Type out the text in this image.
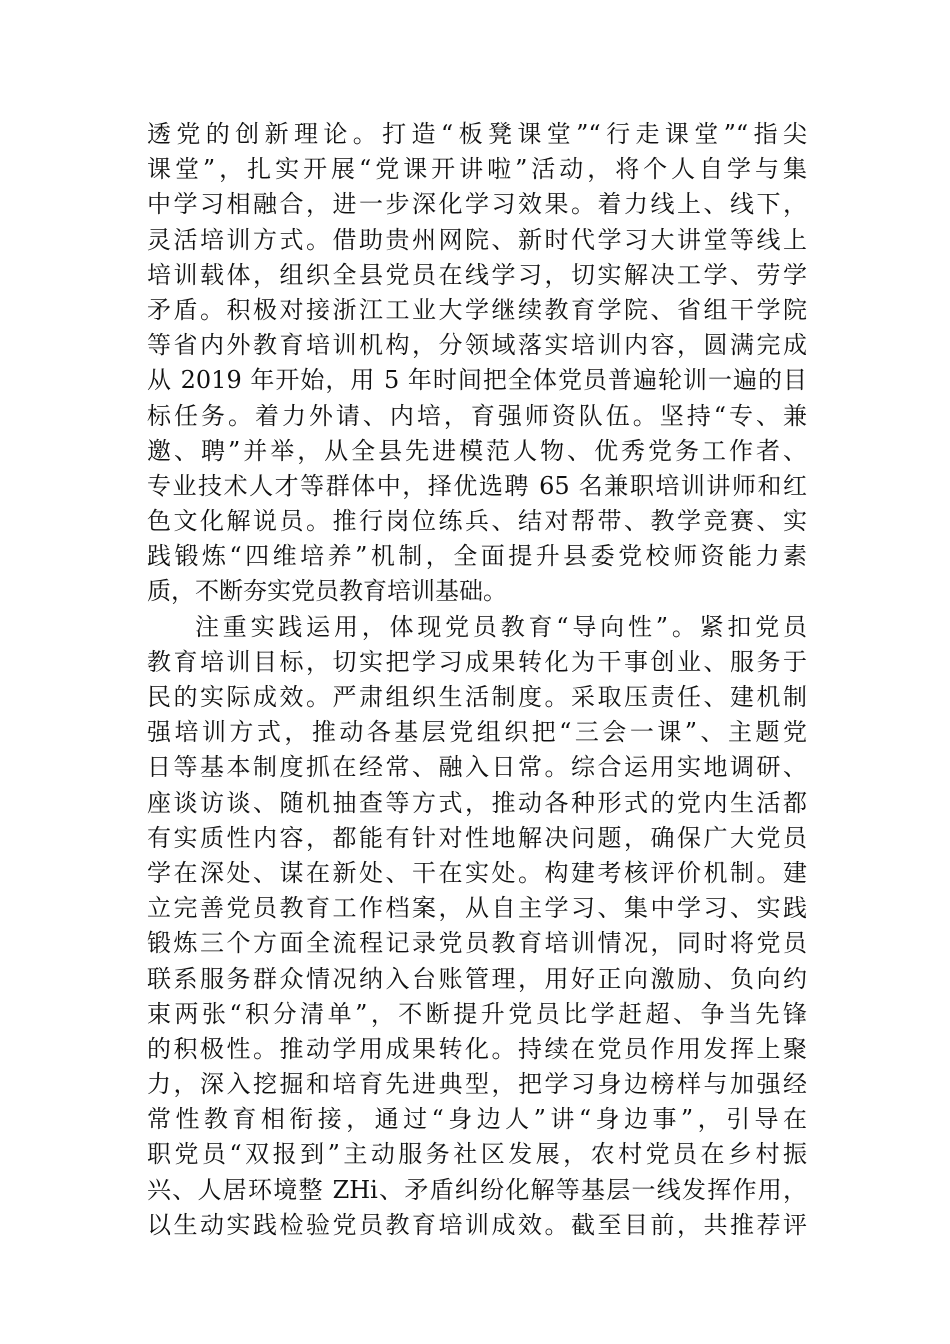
透党的创新理论。打造“板凳课堂”“行走课堂”“指尖
课堂”，扎实开展“党课开讲啦”活动，将个人自学与集
中学习相融合，进一步深化学习效果。着力线上、线下，
灵活培训方式。借助贵州网院、新时代学习大讲堂等线上
培训载体，组织全县党员在线学习，切实解决工学、劳学
矛盾。积极对接浙江工业大学继续教育学院、省组干学院
等省内外教育培训机构，分领域落实培训内容，圆满完成
从 2019 年开始，用 5 年时间把全体党员普遍轮训一遍的目
标任务。着力外请、内培，育强师资队伍。坚持“专、兼
邀、聘”并举，从全县先进模范人物、优秀党务工作者、
专业技术人才等群体中，择优选聘 65 名兼职培训讲师和红
色文化解说员。推行岗位练兵、结对帮带、教学竞赛、实
践锻炼“四维培养”机制，全面提升县委党校师资能力素
质，不断夯实党员教育培训基础。
注重实践运用，体现党员教育“导向性”。紧扣党员
教育培训目标，切实把学习成果转化为干事创业、服务于
民的实际成效。严肃组织生活制度。采取压责任、建机制
强培训方式，推动各基层党组织把“三会一课”、主题党
日等基本制度抓在经常、融入日常。综合运用实地调研、
座谈访谈、随机抽查等方式，推动各种形式的党内生活都
有实质性内容，都能有针对性地解决问题，确保广大党员
学在深处、谋在新处、干在实处。构建考核评价机制。建
立完善党员教育工作档案，从自主学习、集中学习、实践
锻炼三个方面全流程记录党员教育培训情况，同时将党员
联系服务群众情况纳入台账管理，用好正向激励、负向约
束两张“积分清单”，不断提升党员比学赶超、争当先锋
的积极性。推动学用成果转化。持续在党员作用发挥上聚
力，深入挖掘和培育先进典型，把学习身边榜样与加强经
常性教育相衔接，通过“身边人”讲“身边事”，引导在
职党员“双报到”主动服务社区发展，农村党员在乡村振
兴、人居环境整 ZHi、矛盾纠纷化解等基层一线发挥作用，
以生动实践检验党员教育培训成效。截至目前，共推荐评
